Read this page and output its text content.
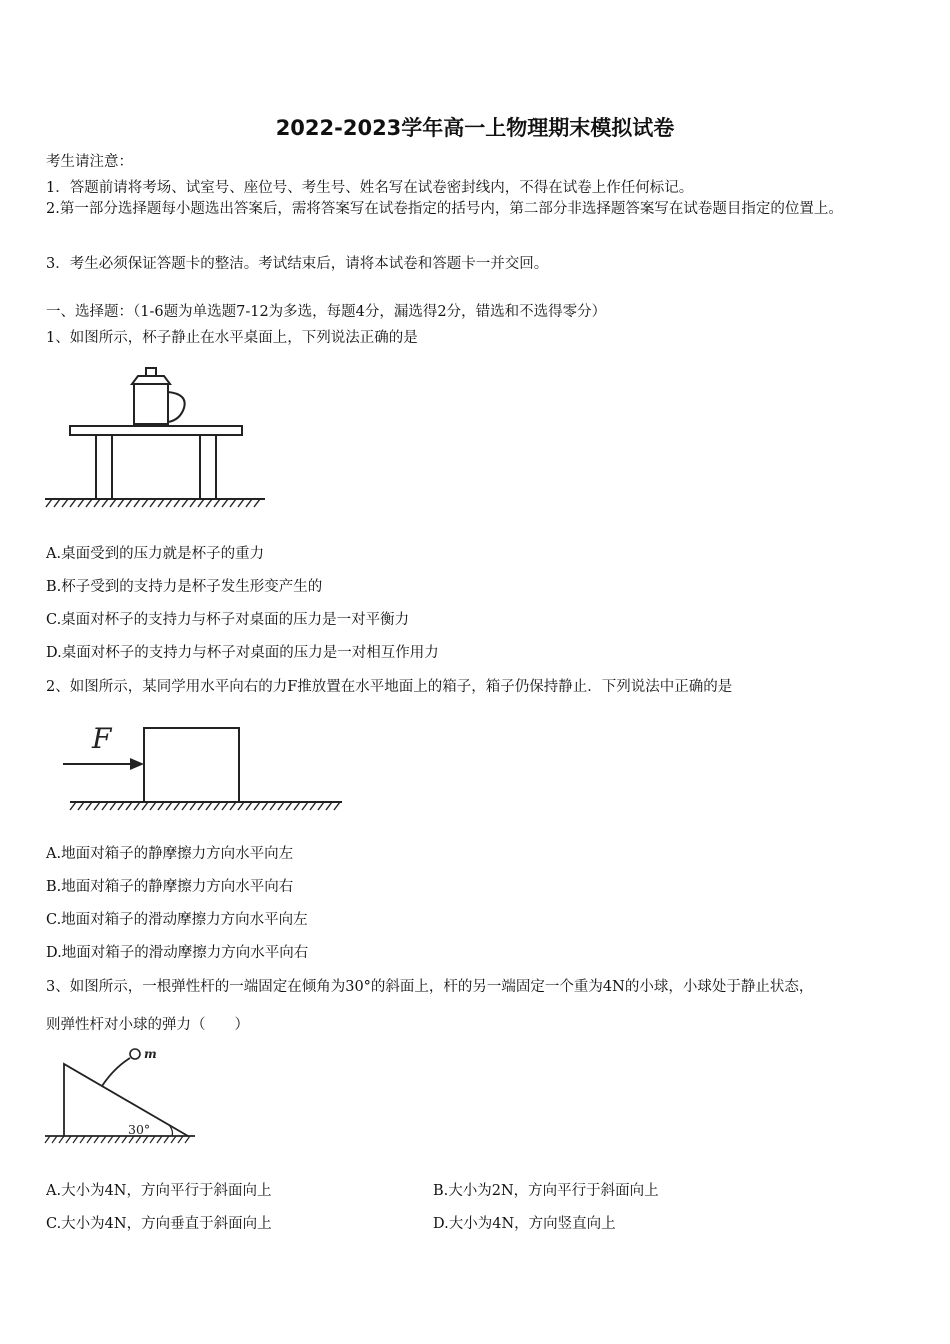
2022-2023学年高一上物理期末模拟试卷
考生请注意：
1．答题前请将考场、试室号、座位号、考生号、姓名写在试卷密封线内，不得在试卷上作任何标记。
2.第一部分选择题每小题选出答案后，需将答案写在试卷指定的括号内，第二部分非选择题答案写在试卷题目指定的位置上。
3．考生必须保证答题卡的整洁。考试结束后，请将本试卷和答题卡一并交回。
一、选择题：（1-6题为单选题7-12为多选，每题4分，漏选得2分，错选和不选得零分）
1、如图所示，杯子静止在水平桌面上，下列说法正确的是
A.桌面受到的压力就是杯子的重力
B.杯子受到的支持力是杯子发生形变产生的
C.桌面对杯子的支持力与杯子对桌面的压力是一对平衡力
D.桌面对杯子的支持力与杯子对桌面的压力是一对相互作用力
2、如图所示，某同学用水平向右的力F推放置在水平地面上的箱子，箱子仍保持静止．下列说法中正确的是
F
A.地面对箱子的静摩擦力方向水平向左
B.地面对箱子的静摩擦力方向水平向右
C.地面对箱子的滑动摩擦力方向水平向左
D.地面对箱子的滑动摩擦力方向水平向右
3、如图所示，一根弹性杆的一端固定在倾角为30°的斜面上，杆的另一端固定一个重为4N的小球，小球处于静止状态，
则弹性杆对小球的弹力（　　）
m
30°
A.大小为4N，方向平行于斜面向上	B.大小为2N，方向平行于斜面向上
C.大小为4N，方向垂直于斜面向上	D.大小为4N，方向竖直向上
